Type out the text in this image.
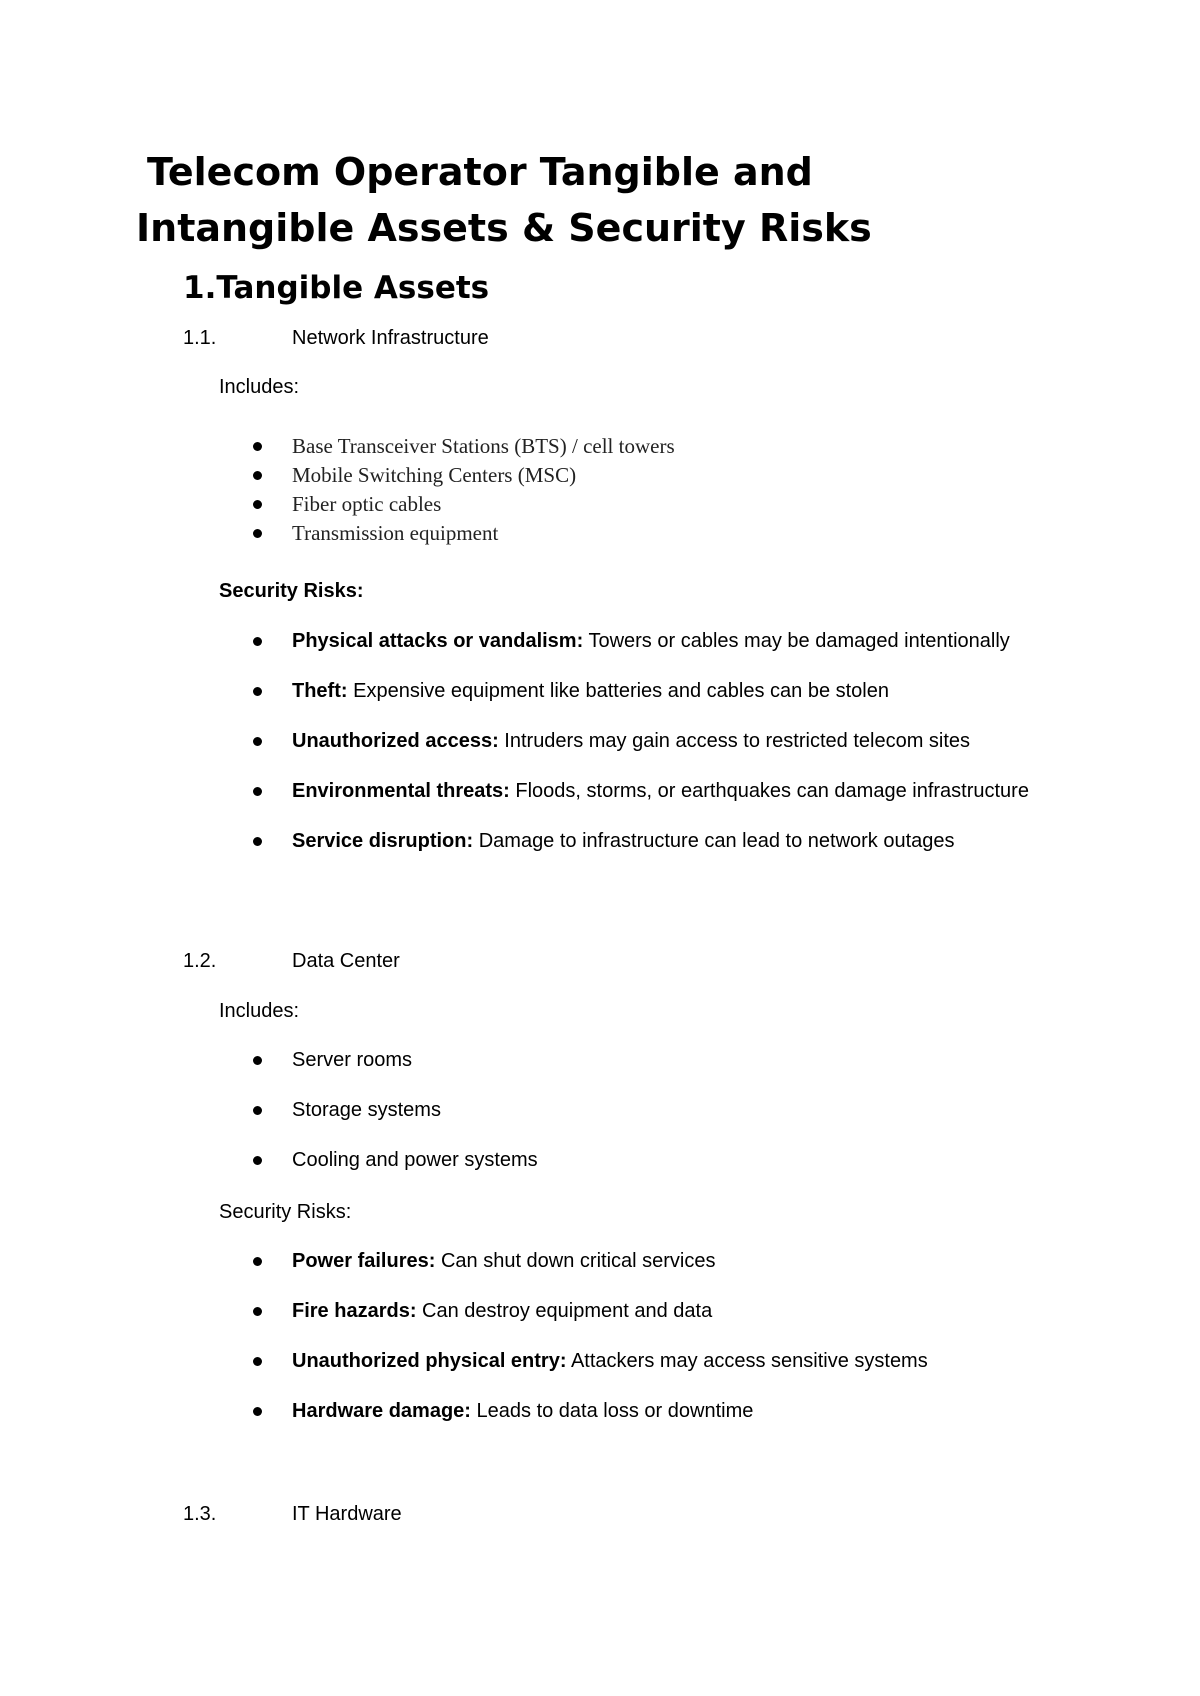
Telecom Operator Tangible and
Intangible Assets & Security Risks
1.Tangible Assets
1.1.	Network Infrastructure
Includes:
Base Transceiver Stations (BTS) / cell towers
Mobile Switching Centers (MSC)
Fiber optic cables
Transmission equipment
Security Risks:
Physical attacks or vandalism: Towers or cables may be damaged intentionally
Theft: Expensive equipment like batteries and cables can be stolen
Unauthorized access: Intruders may gain access to restricted telecom sites
Environmental threats: Floods, storms, or earthquakes can damage infrastructure
Service disruption: Damage to infrastructure can lead to network outages
1.2.	Data Center
Includes:
Server rooms
Storage systems
Cooling and power systems
Security Risks:
Power failures: Can shut down critical services
Fire hazards: Can destroy equipment and data
Unauthorized physical entry: Attackers may access sensitive systems
Hardware damage: Leads to data loss or downtime
1.3.	IT Hardware
